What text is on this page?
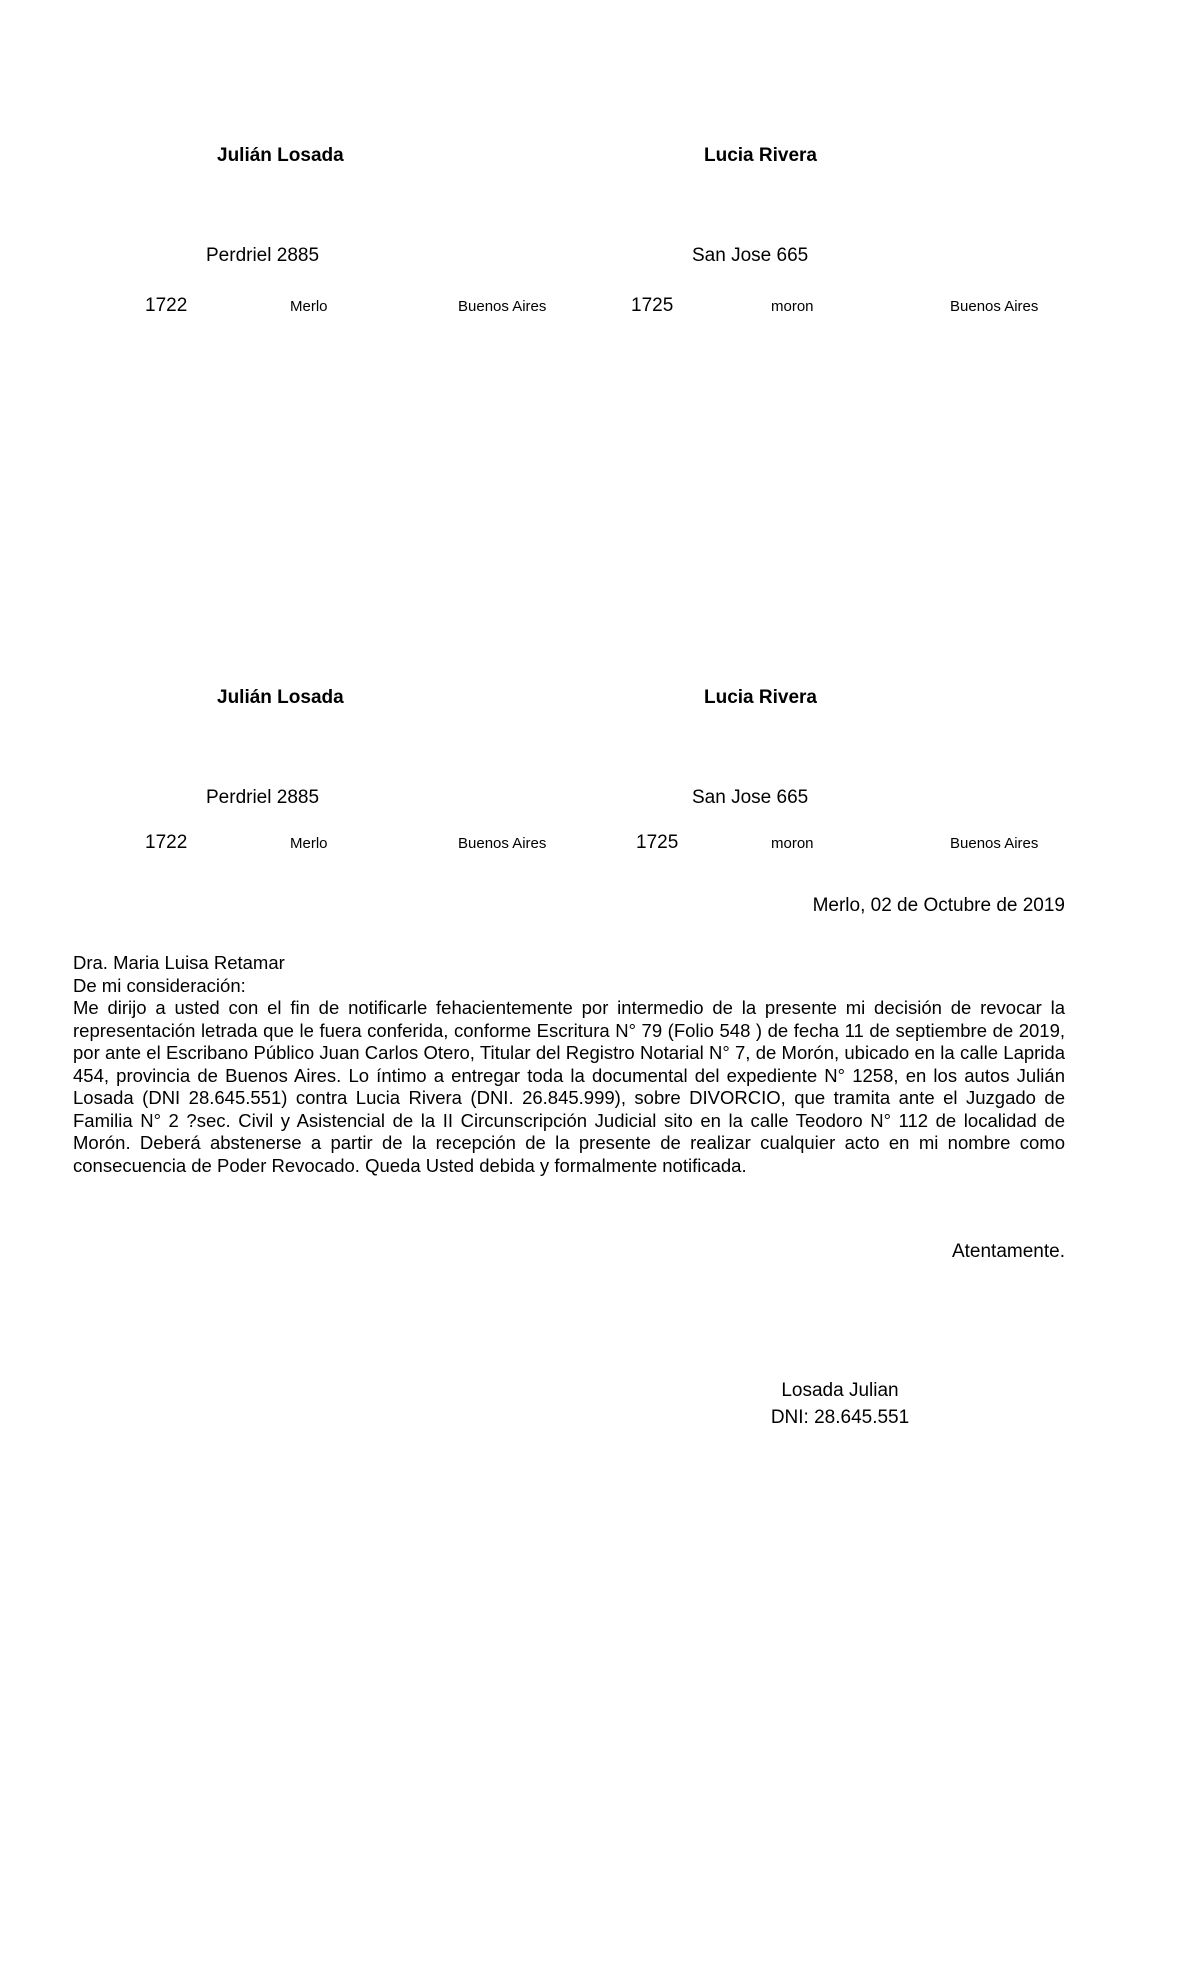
Julián Losada	Lucia Rivera
Perdriel 2885	San Jose 665
1722	Merlo	Buenos Aires	1725	moron	Buenos Aires
Julián Losada	Lucia Rivera
Perdriel 2885	San Jose 665
1722	Merlo	Buenos Aires	1725	moron	Buenos Aires
Merlo, 02 de Octubre de 2019

Dra. Maria Luisa Retamar

De mi consideración:

Me dirijo a usted con el fin de notificarle fehacientemente por intermedio de la presente mi decisión de revocar la representación letrada que le fuera conferida, conforme Escritura N° 79 (Folio 548 ) de fecha 11 de septiembre de 2019, por ante el Escribano Público Juan Carlos Otero, Titular del Registro Notarial N° 7, de Morón, ubicado en la calle Laprida 454, provincia de Buenos Aires. Lo íntimo a entregar toda la documental del expediente N° 1258, en los autos Julián Losada (DNI 28.645.551) contra Lucia Rivera (DNI. 26.845.999), sobre DIVORCIO, que tramita ante el Juzgado de Familia N° 2 ?sec. Civil y Asistencial de la II Circunscripción Judicial sito en la calle Teodoro N° 112 de localidad de Morón. Deberá abstenerse a partir de la recepción de la presente de realizar cualquier acto en mi nombre como consecuencia de Poder Revocado. Queda Usted debida y formalmente notificada.

Atentamente.
Losada Julian
DNI: 28.645.551
